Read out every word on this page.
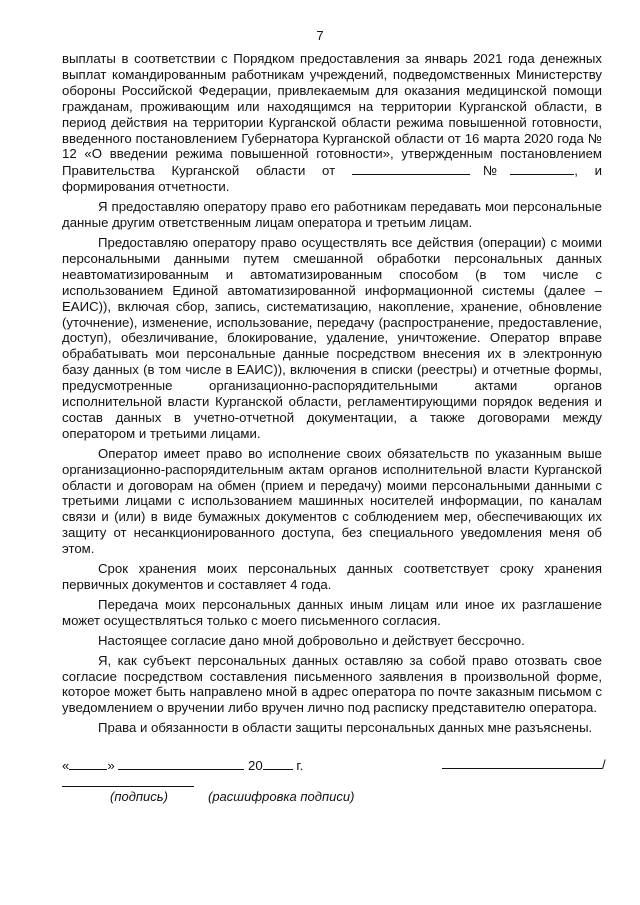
7

выплаты в соответствии с Порядком предоставления за январь 2021 года денежных выплат командированным работникам учреждений, подведомственных Министерству обороны Российской Федерации, привлекаемым для оказания медицинской помощи гражданам, проживающим или находящимся на территории Курганской области, в период действия на территории Курганской области режима повышенной готовности, введенного постановлением Губернатора Курганской области от 16 марта 2020 года № 12 «О введении режима повышенной готовности», утвержденным постановлением Правительства Курганской области от	№	, и формирования отчетности.

Я предоставляю оператору право его работникам передавать мои персональные данные другим ответственным лицам оператора и третьим лицам.

Предоставляю оператору право осуществлять все действия (операции) с моими персональными данными путем смешанной обработки персональных данных неавтоматизированным и автоматизированным способом (в том числе с использованием Единой автоматизированной информационной системы (далее – ЕАИС)), включая сбор, запись, систематизацию, накопление, хранение, обновление (уточнение), изменение, использование, передачу (распространение, предоставление, доступ), обезличивание, блокирование, удаление, уничтожение. Оператор вправе обрабатывать мои персональные данные посредством внесения их в электронную базу данных (в том числе в ЕАИС)), включения в списки (реестры) и отчетные формы, предусмотренные организационно-распорядительными актами органов исполнительной власти Курганской области, регламентирующими порядок ведения и состав данных в учетно-отчетной документации, а также договорами между оператором и третьими лицами.

Оператор имеет право во исполнение своих обязательств по указанным выше организационно-распорядительным актам органов исполнительной власти Курганской области и договорам на обмен (прием и передачу) моими персональными данными с третьими лицами с использованием машинных носителей информации, по каналам связи и (или) в виде бумажных документов с соблюдением мер, обеспечивающих их защиту от несанкционированного доступа, без специального уведомления меня об этом.

Срок хранения моих персональных данных соответствует сроку хранения первичных документов и составляет 4 года.

Передача моих персональных данных иным лицам или иное их разглашение может осуществляться только с моего письменного согласия.

Настоящее согласие дано мной добровольно и действует бессрочно.

Я, как субъект персональных данных оставляю за собой право отозвать свое согласие посредством составления письменного заявления в произвольной форме, которое может быть направлено мной в адрес оператора по почте заказным письмом с уведомлением о вручении либо вручен лично под расписку представителю оператора.

Права и обязанности в области защиты персональных данных мне разъяснены.

«	»	20	г.	/
(подпись)	(расшифровка подписи)
